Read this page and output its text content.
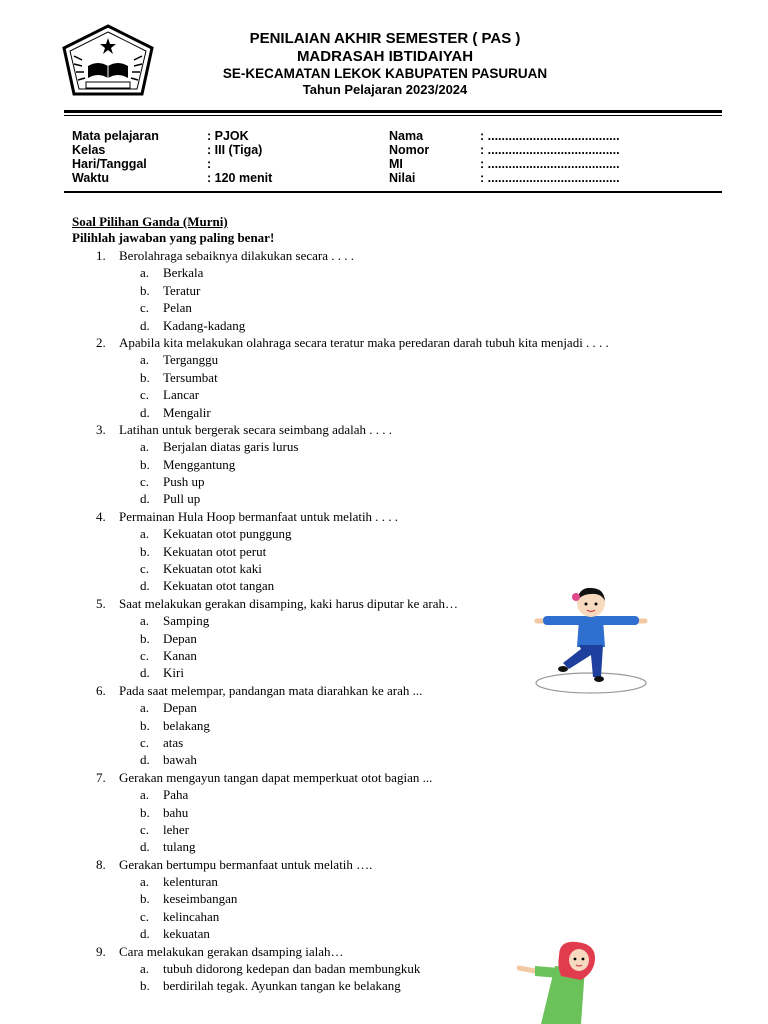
PENILAIAN AKHIR SEMESTER ( PAS )
MADRASAH IBTIDAIYAH
SE-KECAMATAN LEKOK KABUPATEN PASURUAN
Tahun Pelajaran 2023/2024
Mata pelajaran	: PJOK	Nama	: ......................................
Kelas	: III (Tiga)	Nomor	: ......................................
Hari/Tanggal	:	MI	: ......................................
Waktu	: 120 menit	Nilai	: ......................................
Soal Pilihan Ganda (Murni)
Pilihlah jawaban yang paling benar!
1. Berolahraga sebaiknya dilakukan secara . . . .
a. Berkala
b. Teratur
c. Pelan
d. Kadang-kadang
2. Apabila kita melakukan olahraga secara teratur maka peredaran darah tubuh kita menjadi . . . .
a. Terganggu
b. Tersumbat
c. Lancar
d. Mengalir
3. Latihan untuk bergerak secara seimbang adalah . . . .
a. Berjalan diatas garis lurus
b. Menggantung
c. Push up
d. Pull up
4. Permainan Hula Hoop bermanfaat untuk melatih . . . .
a. Kekuatan otot punggung
b. Kekuatan otot perut
c. Kekuatan otot kaki
d. Kekuatan otot tangan
5. Saat melakukan gerakan disamping, kaki harus diputar ke arah…
a. Samping
b. Depan
c. Kanan
d. Kiri
6. Pada saat melempar, pandangan mata diarahkan ke arah ...
a. Depan
b. belakang
c. atas
d. bawah
7. Gerakan mengayun tangan dapat memperkuat otot bagian ...
a. Paha
b. bahu
c. leher
d. tulang
8. Gerakan bertumpu bermanfaat untuk melatih ….
a. kelenturan
b. keseimbangan
c. kelincahan
d. kekuatan
9. Cara melakukan gerakan dsamping ialah…
a. tubuh didorong kedepan dan badan membungkuk
b. berdirilah tegak. Ayunkan tangan ke belakang
